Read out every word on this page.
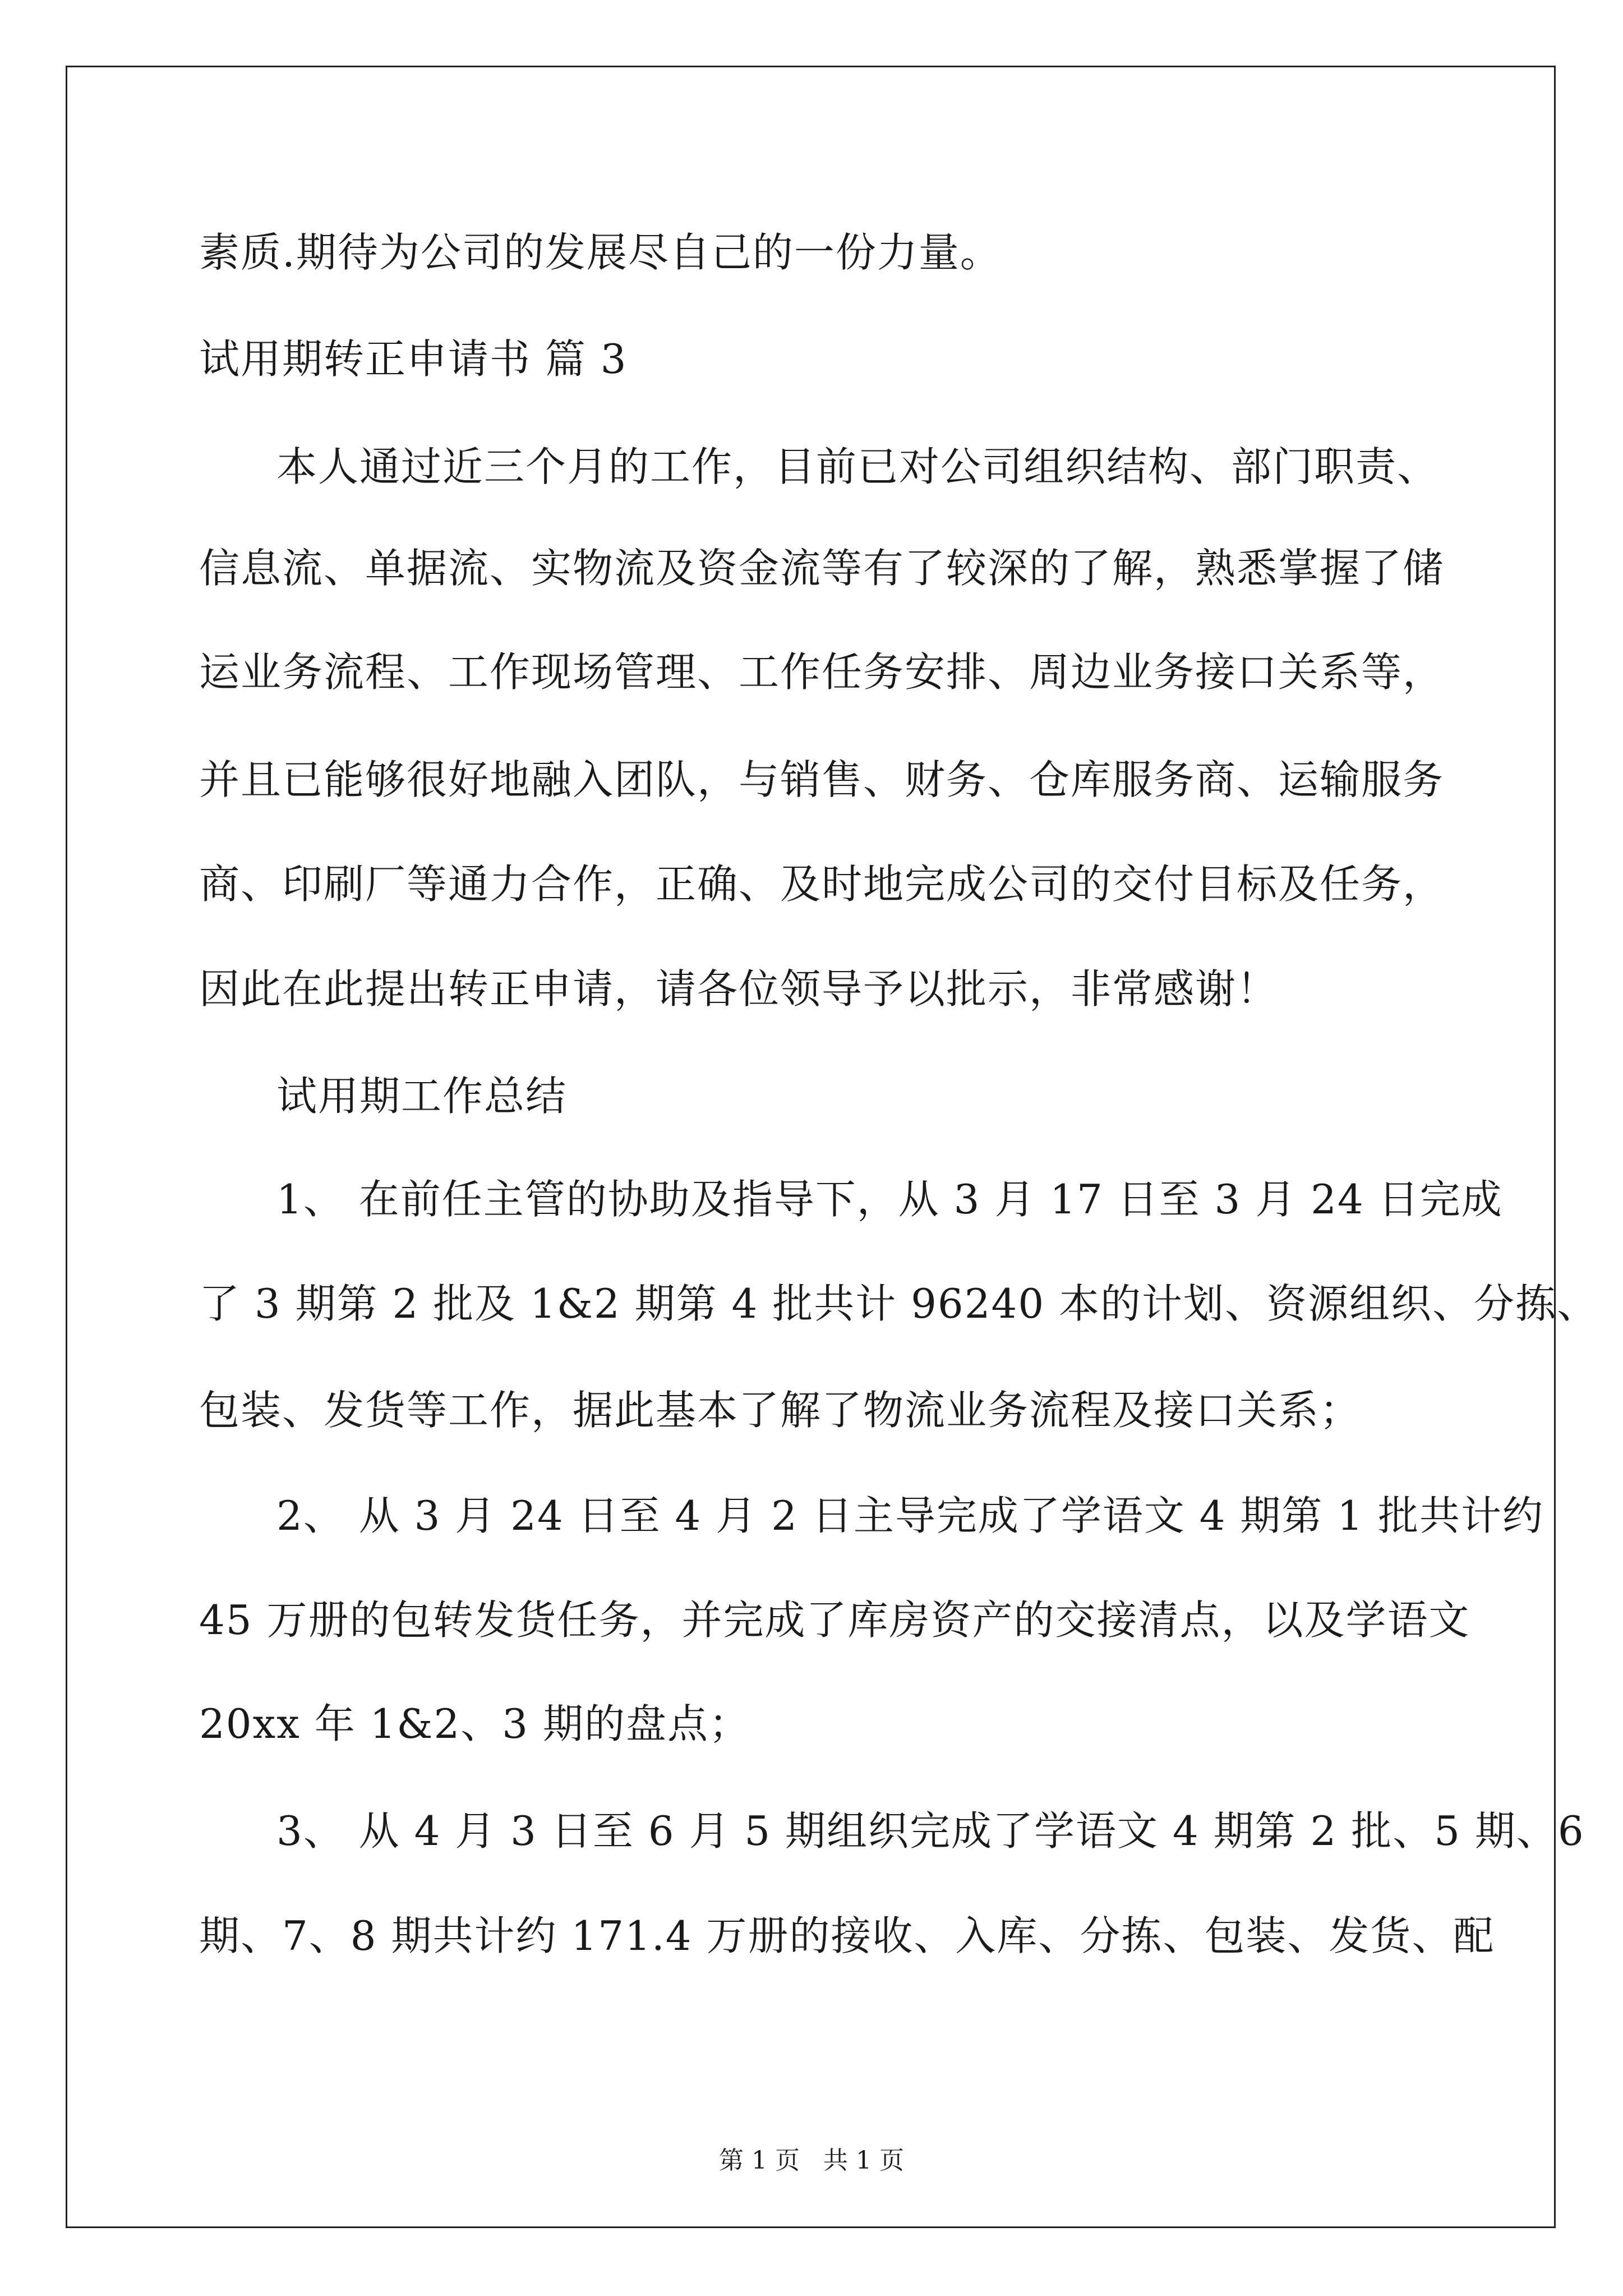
素质.期待为公司的发展尽自己的一份力量。
试用期转正申请书 篇 3
本人通过近三个月的工作，目前已对公司组织结构、部门职责、
信息流、单据流、实物流及资金流等有了较深的了解，熟悉掌握了储
运业务流程、工作现场管理、工作任务安排、周边业务接口关系等，
并且已能够很好地融入团队，与销售、财务、仓库服务商、运输服务
商、印刷厂等通力合作，正确、及时地完成公司的交付目标及任务，
因此在此提出转正申请，请各位领导予以批示，非常感谢！
试用期工作总结
1、 在前任主管的协助及指导下，从 3 月 17 日至 3 月 24 日完成
了 3 期第 2 批及 1&2 期第 4 批共计 96240 本的计划、资源组织、分拣、
包装、发货等工作，据此基本了解了物流业务流程及接口关系；
2、 从 3 月 24 日至 4 月 2 日主导完成了学语文 4 期第 1 批共计约
45 万册的包转发货任务，并完成了库房资产的交接清点，以及学语文
20xx 年 1&2、3 期的盘点；
3、 从 4 月 3 日至 6 月 5 期组织完成了学语文 4 期第 2 批、5 期、6
期、7、8 期共计约 171.4 万册的接收、入库、分拣、包装、发货、配
第 1 页   共 1 页
